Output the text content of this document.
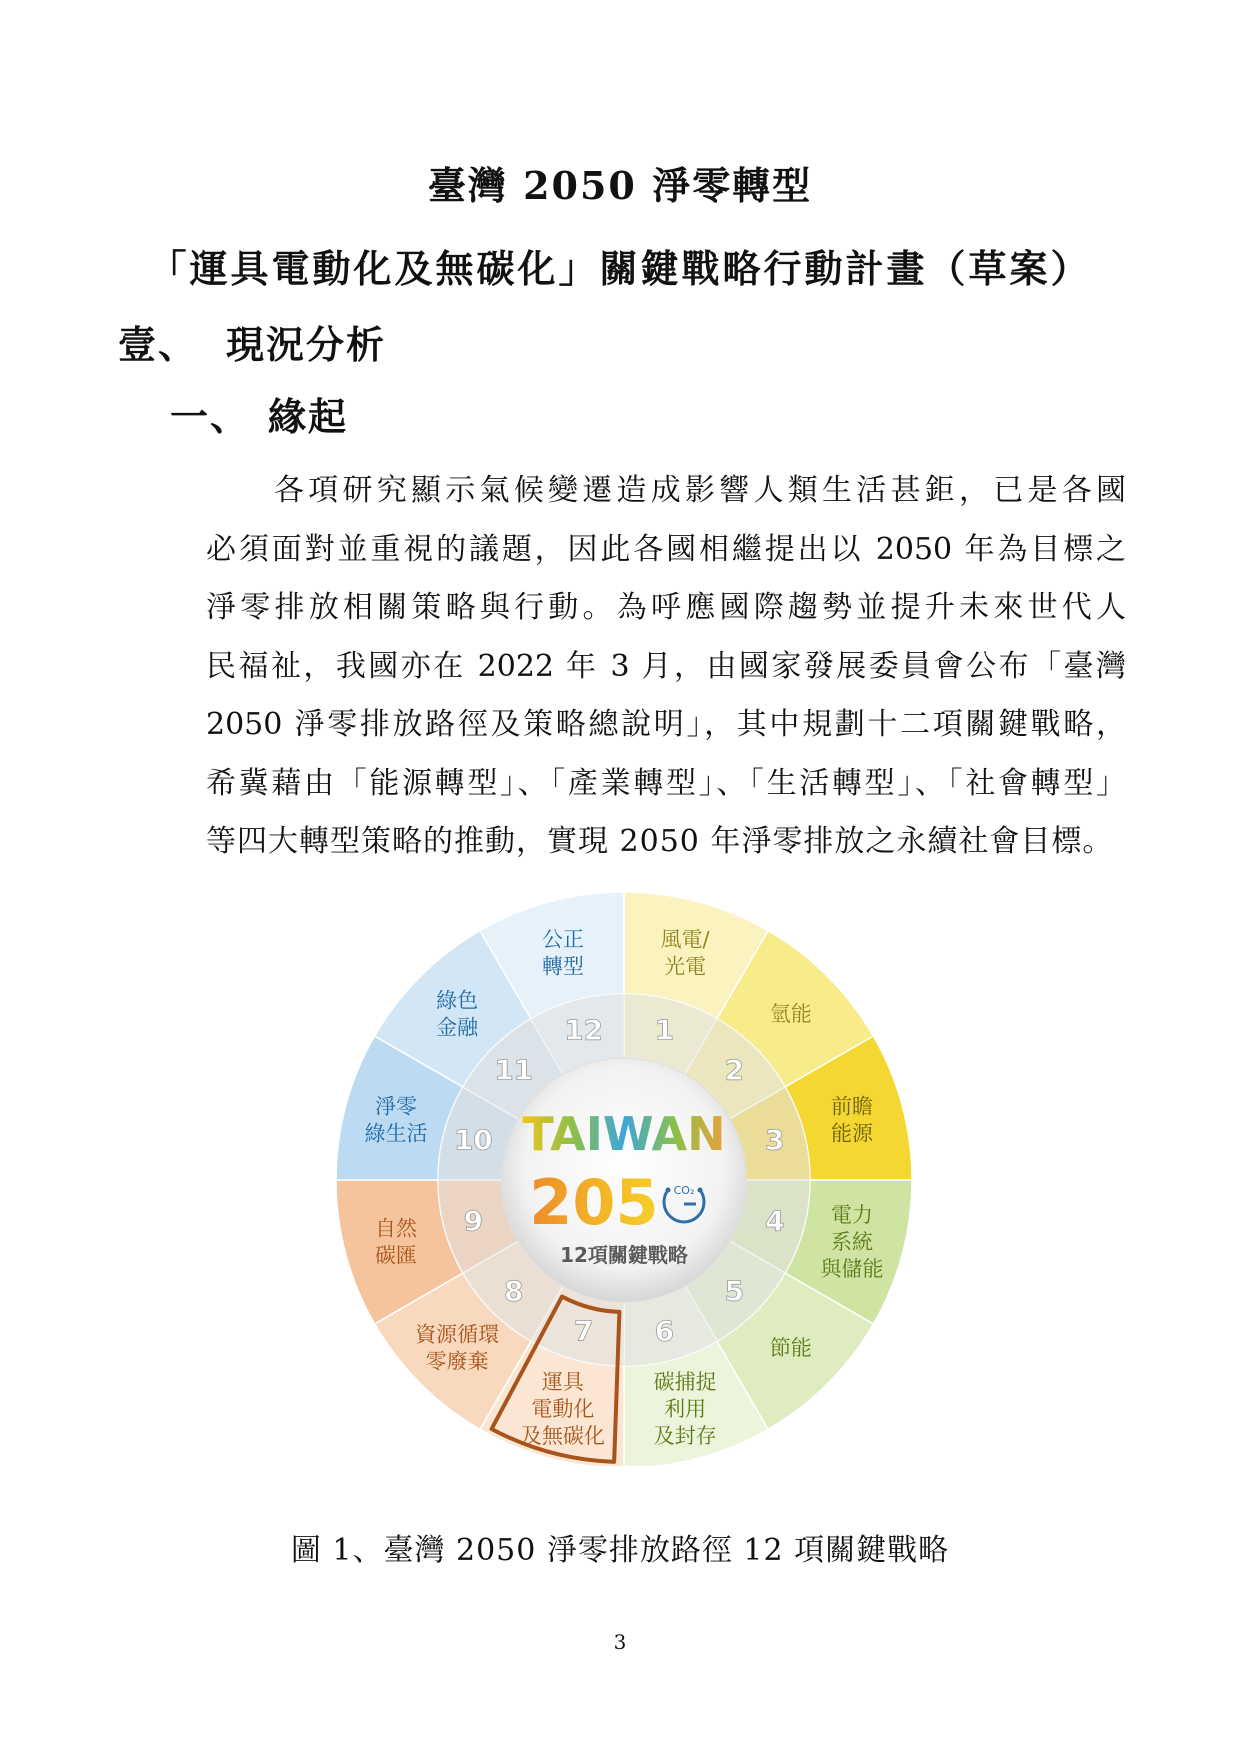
臺灣 2050 淨零轉型
「運具電動化及無碳化」關鍵戰略行動計畫（草案）
壹、 現況分析
一、 緣起

各項研究顯示氣候變遷造成影響人類生活甚鉅，已是各國
必須面對並重視的議題，因此各國相繼提出以 2050 年為目標之
淨零排放相關策略與行動。為呼應國際趨勢並提升未來世代人
民福祉，我國亦在 2022 年 3 月，由國家發展委員會公布「臺灣
2050 淨零排放路徑及策略總說明」，其中規劃十二項關鍵戰略，
希冀藉由「能源轉型」、「產業轉型」、「生活轉型」、「社會轉型」
等四大轉型策略的推動，實現 2050 年淨零排放之永續社會目標。

風電/
光電
氫能
前瞻
能源
電力
系統
與儲能
節能
碳捕捉
利用
及封存
運具
電動化
及無碳化
資源循環
零廢棄
自然
碳匯
淨零
綠生活
綠色
金融
公正
轉型
1
2
3
4
5
6
7
8
9
10
11
12
TAIWAN
205 CO₂
12項關鍵戰略

圖 1、臺灣 2050 淨零排放路徑 12 項關鍵戰略

3
